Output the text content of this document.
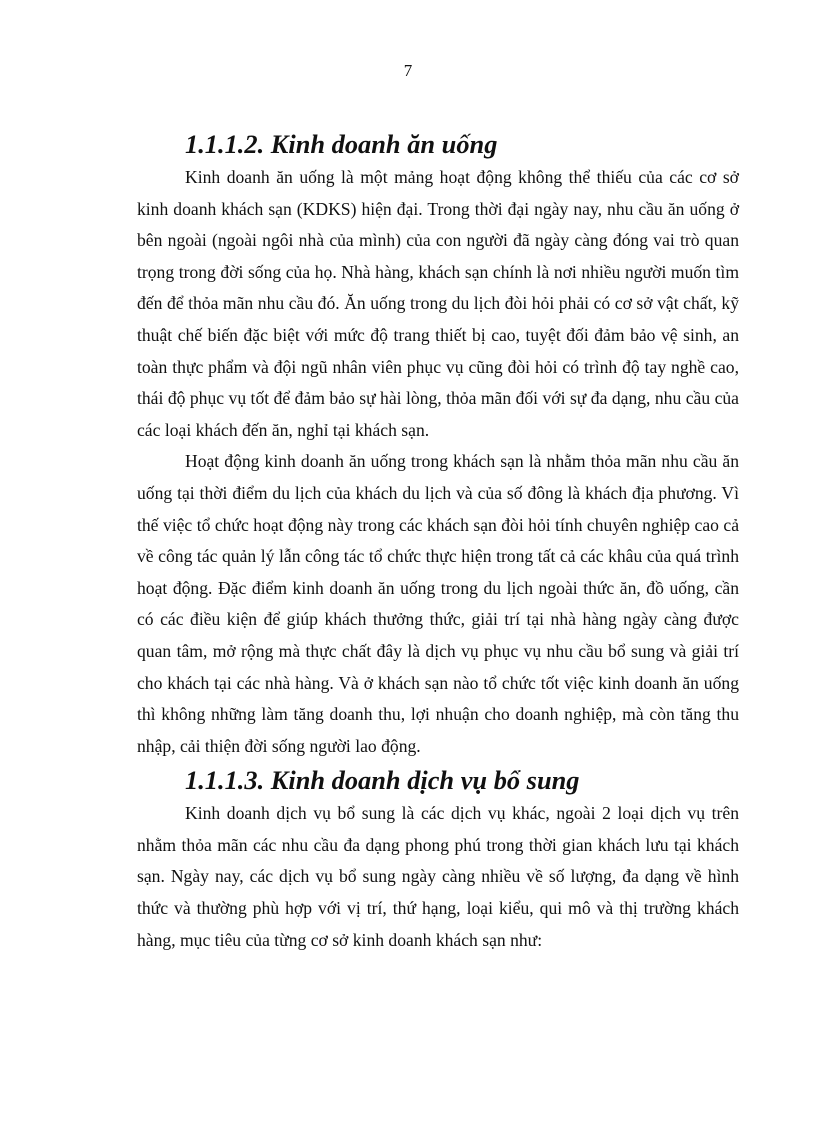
7
1.1.1.2. Kinh doanh ăn uống

Kinh doanh ăn uống là một mảng hoạt động không thể thiếu của các cơ sở kinh doanh khách sạn (KDKS) hiện đại. Trong thời đại ngày nay, nhu cầu ăn uống ở bên ngoài (ngoài ngôi nhà của mình) của con người đã ngày càng đóng vai trò quan trọng trong đời sống của họ. Nhà hàng, khách sạn chính là nơi nhiều người muốn tìm đến để thỏa mãn nhu cầu đó. Ăn uống trong du lịch đòi hỏi phải có cơ sở vật chất, kỹ thuật chế biến đặc biệt với mức độ trang thiết bị cao, tuyệt đối đảm bảo vệ sinh, an toàn thực phẩm và đội ngũ nhân viên phục vụ cũng đòi hỏi có trình độ tay nghề cao, thái độ phục vụ tốt để đảm bảo sự hài lòng, thỏa mãn đối với sự đa dạng, nhu cầu của các loại khách đến ăn, nghỉ tại khách sạn.

Hoạt động kinh doanh ăn uống trong khách sạn là nhằm thỏa mãn nhu cầu ăn uống tại thời điểm du lịch của khách du lịch và của số đông là khách địa phương. Vì thế việc tổ chức hoạt động này trong các khách sạn đòi hỏi tính chuyên nghiệp cao cả về công tác quản lý lẫn công tác tổ chức thực hiện trong tất cả các khâu của quá trình hoạt động. Đặc điểm kinh doanh ăn uống trong du lịch ngoài thức ăn, đồ uống, cần có các điều kiện để giúp khách thưởng thức, giải trí tại nhà hàng ngày càng được quan tâm, mở rộng mà thực chất đây là dịch vụ phục vụ nhu cầu bổ sung và giải trí cho khách tại các nhà hàng. Và ở khách sạn nào tổ chức tốt việc kinh doanh ăn uống thì không những làm tăng doanh thu, lợi nhuận cho doanh nghiệp, mà còn tăng thu nhập, cải thiện đời sống người lao động.

1.1.1.3. Kinh doanh dịch vụ bổ sung

Kinh doanh dịch vụ bổ sung là các dịch vụ khác, ngoài 2 loại dịch vụ trên nhằm thỏa mãn các nhu cầu đa dạng phong phú trong thời gian khách lưu tại khách sạn. Ngày nay, các dịch vụ bổ sung ngày càng nhiều về số lượng, đa dạng về hình thức và thường phù hợp với vị trí, thứ hạng, loại kiểu, qui mô và thị trường khách hàng, mục tiêu của từng cơ sở kinh doanh khách sạn như:
